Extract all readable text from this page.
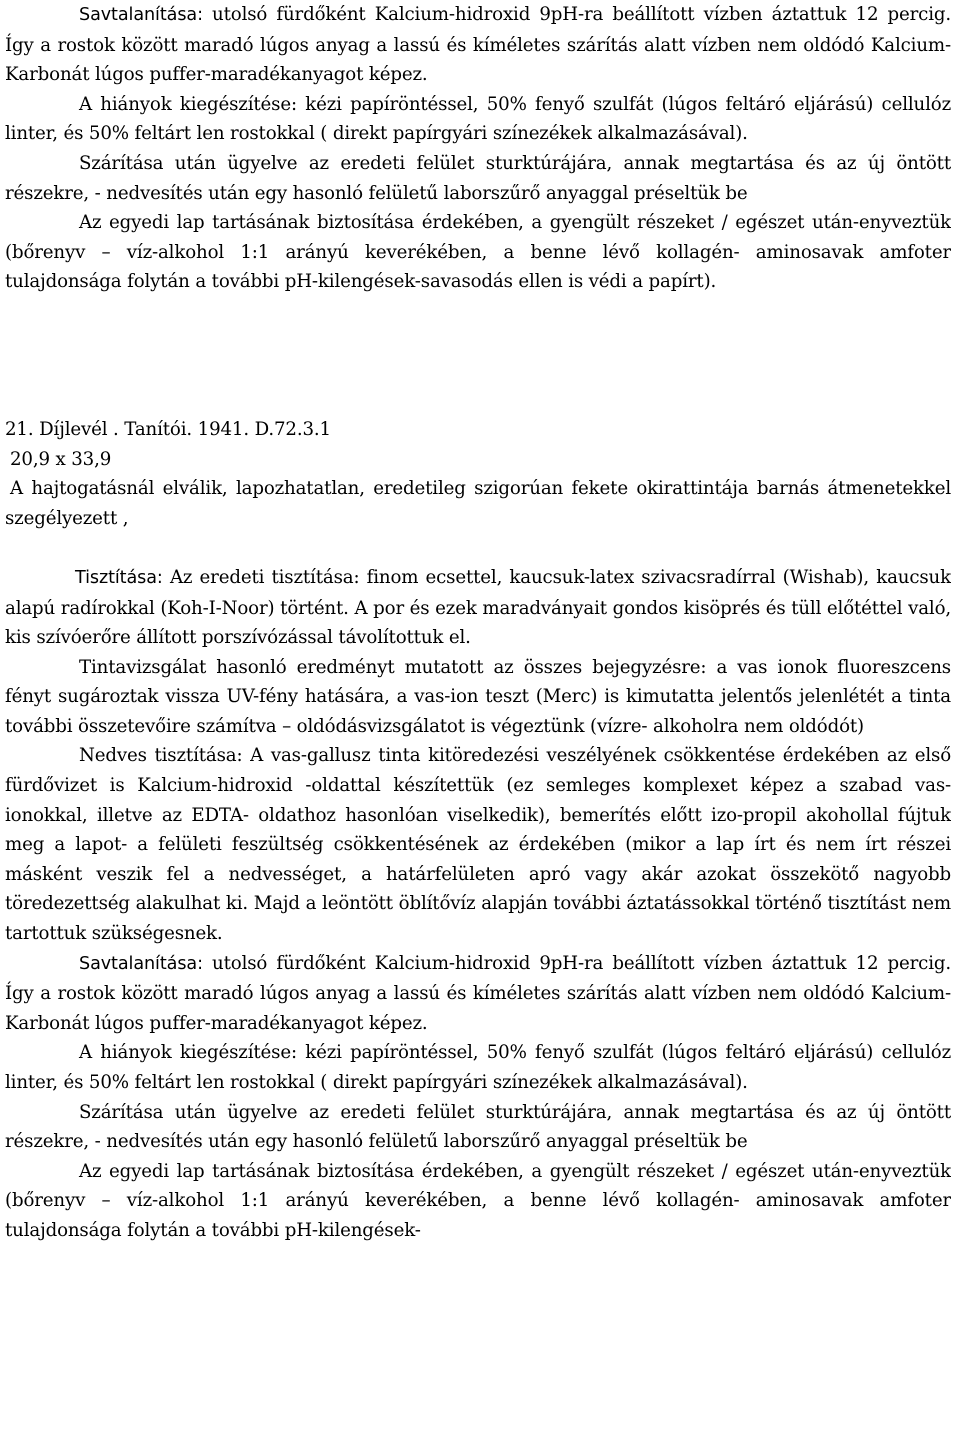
Savtalanítása: utolsó fürdőként Kalcium-hidroxid 9pH-ra beállított vízben áztattuk 12 percig. Így a rostok között maradó lúgos anyag a lassú és kíméletes szárítás alatt vízben nem oldódó Kalcium-Karbonát lúgos puffer-maradékanyagot képez.

A hiányok kiegészítése: kézi papíröntéssel, 50% fenyő szulfát (lúgos feltáró eljárású) cellulóz linter, és 50% feltárt len rostokkal ( direkt papírgyári színezékek alkalmazásával).

Szárítása után ügyelve az eredeti felület sturktúrájára, annak megtartása és az új öntött részekre, - nedvesítés után egy hasonló felületű laborszűrő anyaggal préseltük be

Az egyedi lap tartásának biztosítása érdekében, a gyengült részeket / egészet után-enyveztük (bőrenyv – víz-alkohol 1:1 arányú keverékében, a benne lévő kollagén- aminosavak amfoter tulajdonsága folytán a további pH-kilengések-savasodás ellen is védi a papírt).

21. Díjlevél . Tanítói. 1941. D.72.3.1

20,9 x 33,9

A hajtogatásnál elválik, lapozhatatlan, eredetileg szigorúan fekete okirattintája barnás átmenetekkel szegélyezett ,

Tisztítása: Az eredeti tisztítása: finom ecsettel, kaucsuk-latex szivacsradírral (Wishab), kaucsuk alapú radírokkal (Koh-I-Noor) történt. A por és ezek maradványait gondos kisöprés és tüll előtéttel való, kis szívóerőre állított porszívózással távolítottuk el.

Tintavizsgálat hasonló eredményt mutatott az összes bejegyzésre: a vas ionok fluoreszcens fényt sugároztak vissza UV-fény hatására, a vas-ion teszt (Merc) is kimutatta jelentős jelenlétét a tinta további összetevőire számítva – oldódásvizsgálatot is végeztünk (vízre- alkoholra nem oldódót)

Nedves tisztítása: A vas-gallusz tinta kitöredezési veszélyének csökkentése érdekében az első fürdővizet is Kalcium-hidroxid -oldattal készítettük (ez semleges komplexet képez a szabad vas-ionokkal, illetve az EDTA- oldathoz hasonlóan viselkedik), bemerítés előtt izo-propil akohollal fújtuk meg a lapot- a felületi feszültség csökkentésének az érdekében (mikor a lap írt és nem írt részei másként veszik fel a nedvességet, a határfelületen apró vagy akár azokat összekötő nagyobb töredezettség alakulhat ki. Majd a leöntött öblítővíz alapján további áztatássokkal történő tisztítást nem tartottuk szükségesnek.

Savtalanítása: utolsó fürdőként Kalcium-hidroxid 9pH-ra beállított vízben áztattuk 12 percig. Így a rostok között maradó lúgos anyag a lassú és kíméletes szárítás alatt vízben nem oldódó Kalcium-Karbonát lúgos puffer-maradékanyagot képez.

A hiányok kiegészítése: kézi papíröntéssel, 50% fenyő szulfát (lúgos feltáró eljárású) cellulóz linter, és 50% feltárt len rostokkal ( direkt papírgyári színezékek alkalmazásával).

Szárítása után ügyelve az eredeti felület sturktúrájára, annak megtartása és az új öntött részekre, - nedvesítés után egy hasonló felületű laborszűrő anyaggal préseltük be

Az egyedi lap tartásának biztosítása érdekében, a gyengült részeket / egészet után-enyveztük (bőrenyv – víz-alkohol 1:1 arányú keverékében, a benne lévő kollagén- aminosavak amfoter tulajdonsága folytán a további pH-kilengések-
